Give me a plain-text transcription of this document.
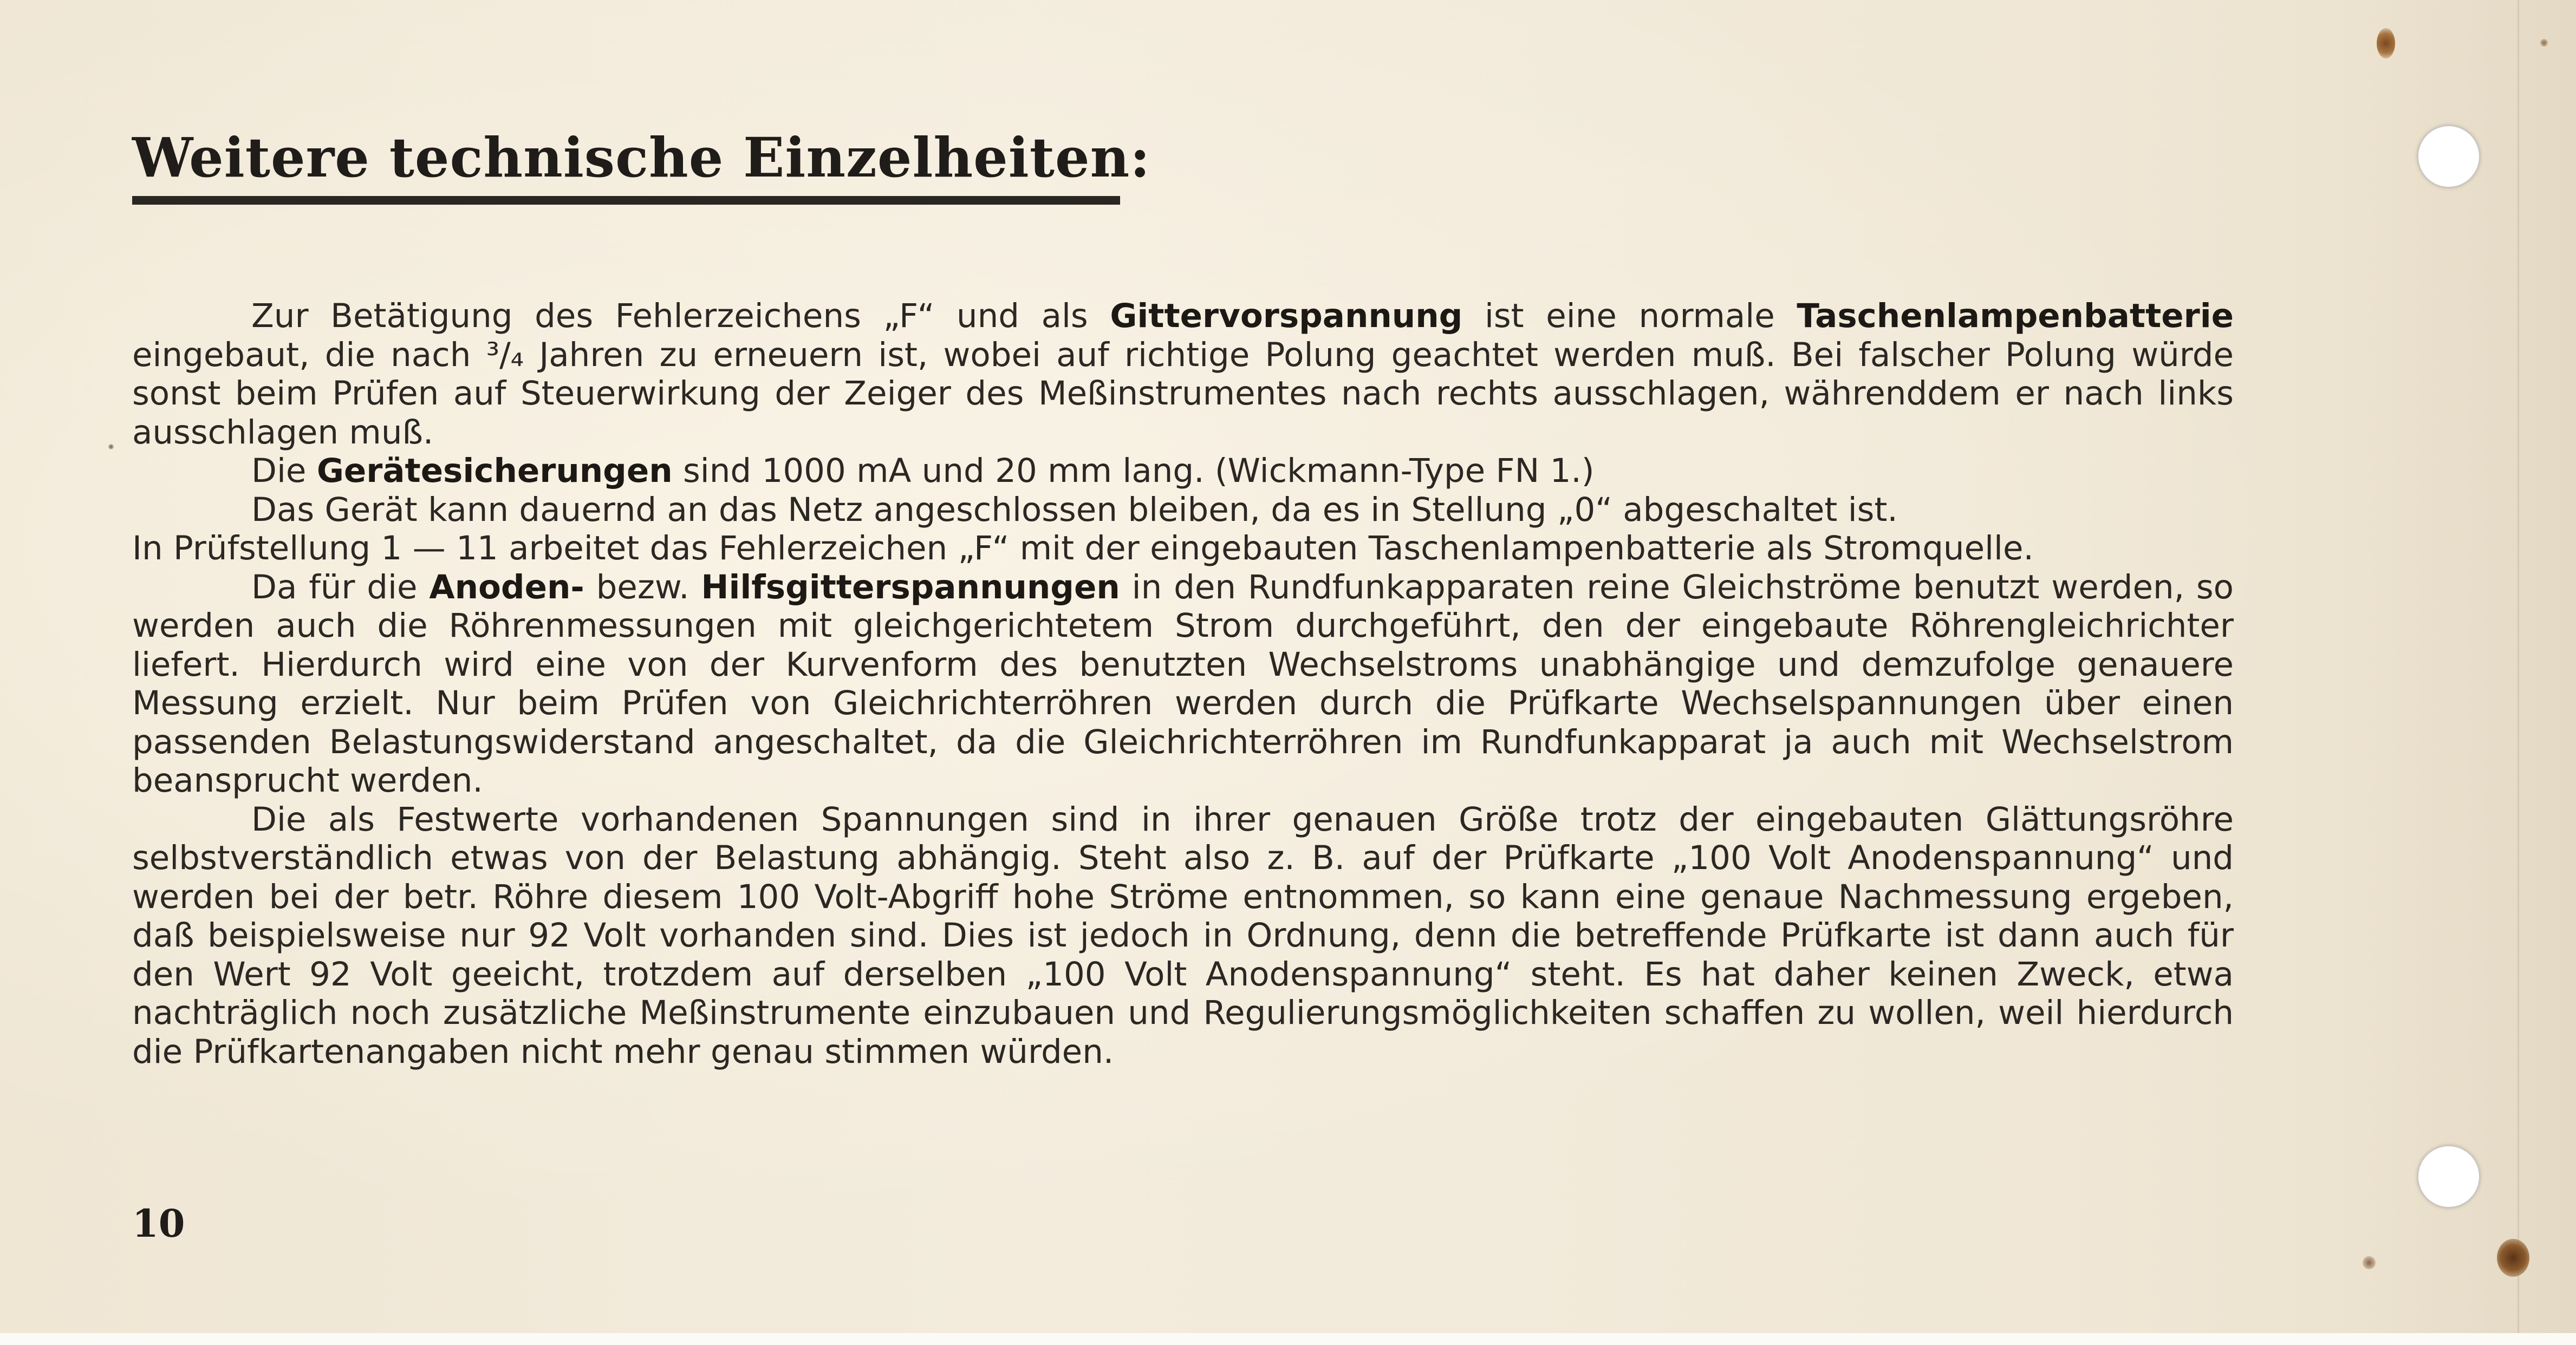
Weitere technische Einzelheiten:

Zur Betätigung des Fehlerzeichens „F“ und als Gittervorspannung ist eine normale Taschenlampenbatterie eingebaut, die nach ³/₄ Jahren zu erneuern ist, wobei auf richtige Polung geachtet werden muß. Bei falscher Polung würde sonst beim Prüfen auf Steuerwirkung der Zeiger des Meßinstrumentes nach rechts ausschlagen, währenddem er nach links ausschlagen muß.

Die Gerätesicherungen sind 1000 mA und 20 mm lang. (Wickmann-Type FN 1.)

Das Gerät kann dauernd an das Netz angeschlossen bleiben, da es in Stellung „0“ abgeschaltet ist.

In Prüfstellung 1 — 11 arbeitet das Fehlerzeichen „F“ mit der eingebauten Taschenlampenbatterie als Stromquelle.

Da für die Anoden- bezw. Hilfsgitterspannungen in den Rundfunkapparaten reine Gleichströme benutzt werden, so werden auch die Röhrenmessungen mit gleichgerichtetem Strom durchgeführt, den der eingebaute Röhrengleichrichter liefert. Hierdurch wird eine von der Kurvenform des benutzten Wechselstroms unabhängige und demzufolge genauere Messung erzielt. Nur beim Prüfen von Gleichrichterröhren werden durch die Prüfkarte Wechselspannungen über einen passenden Belastungswiderstand angeschaltet, da die Gleichrichterröhren im Rundfunkapparat ja auch mit Wechselstrom beansprucht werden.

Die als Festwerte vorhandenen Spannungen sind in ihrer genauen Größe trotz der eingebauten Glättungsröhre selbstverständlich etwas von der Belastung abhängig. Steht also z. B. auf der Prüfkarte „100 Volt Anodenspannung“ und werden bei der betr. Röhre diesem 100 Volt-Abgriff hohe Ströme entnommen, so kann eine genaue Nachmessung ergeben, daß beispielsweise nur 92 Volt vorhanden sind. Dies ist jedoch in Ordnung, denn die betreffende Prüfkarte ist dann auch für den Wert 92 Volt geeicht, trotzdem auf derselben „100 Volt Anodenspannung“ steht. Es hat daher keinen Zweck, etwa nachträglich noch zusätzliche Meßinstrumente einzubauen und Regulierungsmöglichkeiten schaffen zu wollen, weil hierdurch die Prüfkartenangaben nicht mehr genau stimmen würden.

10
